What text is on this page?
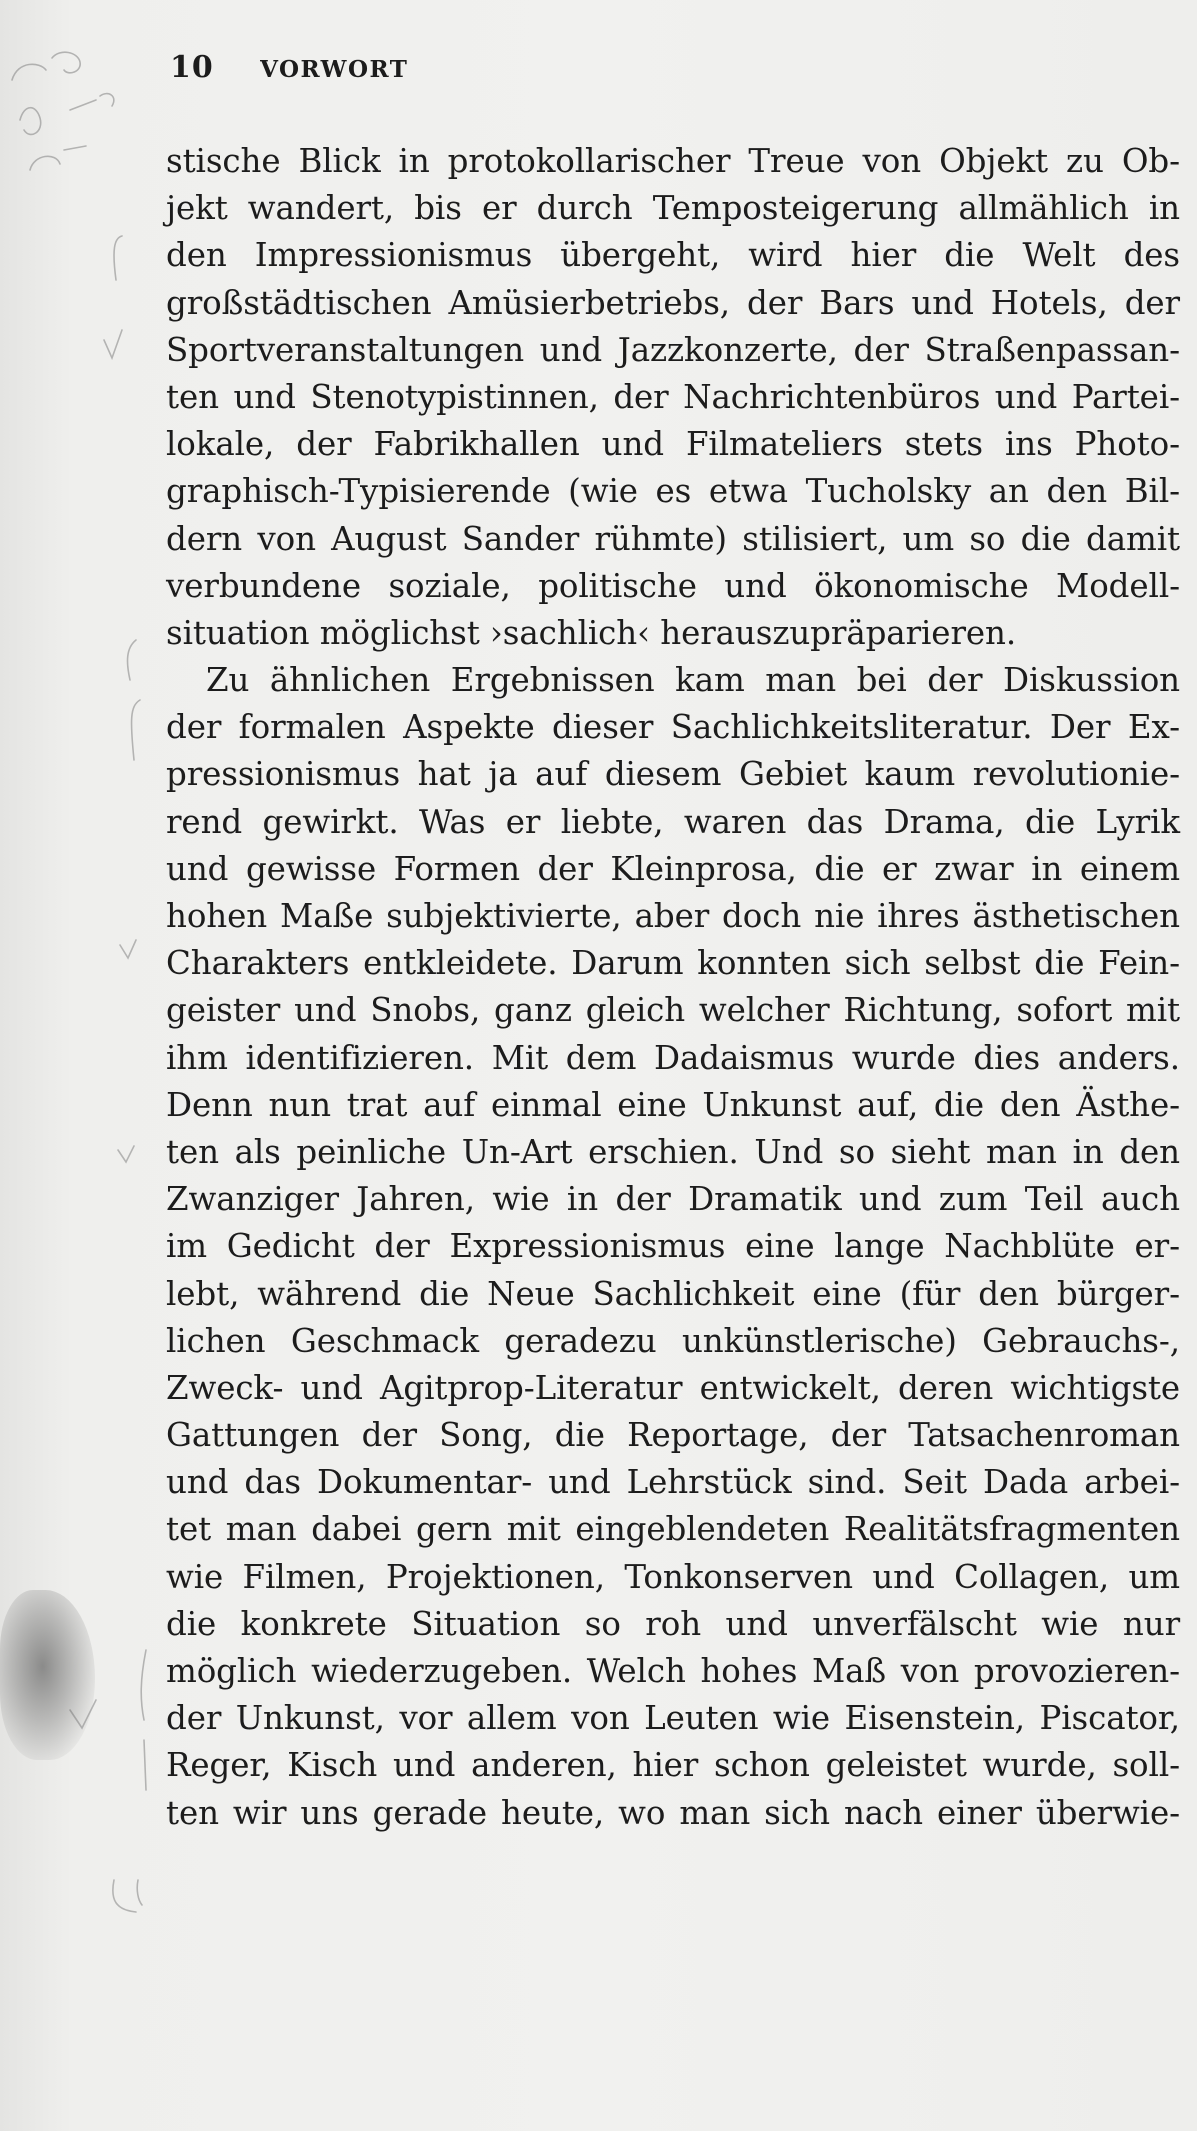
10 VORWORT
stische Blick in protokollarischer Treue von Objekt zu Ob-
jekt wandert, bis er durch Temposteigerung allmählich in
den Impressionismus übergeht, wird hier die Welt des
großstädtischen Amüsierbetriebs, der Bars und Hotels, der
Sportveranstaltungen und Jazzkonzerte, der Straßenpassan-
ten und Stenotypistinnen, der Nachrichtenbüros und Partei-
lokale, der Fabrikhallen und Filmateliers stets ins Photo-
graphisch-Typisierende (wie es etwa Tucholsky an den Bil-
dern von August Sander rühmte) stilisiert, um so die damit
verbundene soziale, politische und ökonomische Modell-
situation möglichst ›sachlich‹ herauszupräparieren.
Zu ähnlichen Ergebnissen kam man bei der Diskussion
der formalen Aspekte dieser Sachlichkeitsliteratur. Der Ex-
pressionismus hat ja auf diesem Gebiet kaum revolutionie-
rend gewirkt. Was er liebte, waren das Drama, die Lyrik
und gewisse Formen der Kleinprosa, die er zwar in einem
hohen Maße subjektivierte, aber doch nie ihres ästhetischen
Charakters entkleidete. Darum konnten sich selbst die Fein-
geister und Snobs, ganz gleich welcher Richtung, sofort mit
ihm identifizieren. Mit dem Dadaismus wurde dies anders.
Denn nun trat auf einmal eine Unkunst auf, die den Ästhe-
ten als peinliche Un-Art erschien. Und so sieht man in den
Zwanziger Jahren, wie in der Dramatik und zum Teil auch
im Gedicht der Expressionismus eine lange Nachblüte er-
lebt, während die Neue Sachlichkeit eine (für den bürger-
lichen Geschmack geradezu unkünstlerische) Gebrauchs-,
Zweck- und Agitprop-Literatur entwickelt, deren wichtigste
Gattungen der Song, die Reportage, der Tatsachenroman
und das Dokumentar- und Lehrstück sind. Seit Dada arbei-
tet man dabei gern mit eingeblendeten Realitätsfragmenten
wie Filmen, Projektionen, Tonkonserven und Collagen, um
die konkrete Situation so roh und unverfälscht wie nur
möglich wiederzugeben. Welch hohes Maß von provozieren-
der Unkunst, vor allem von Leuten wie Eisenstein, Piscator,
Reger, Kisch und anderen, hier schon geleistet wurde, soll-
ten wir uns gerade heute, wo man sich nach einer überwie-
